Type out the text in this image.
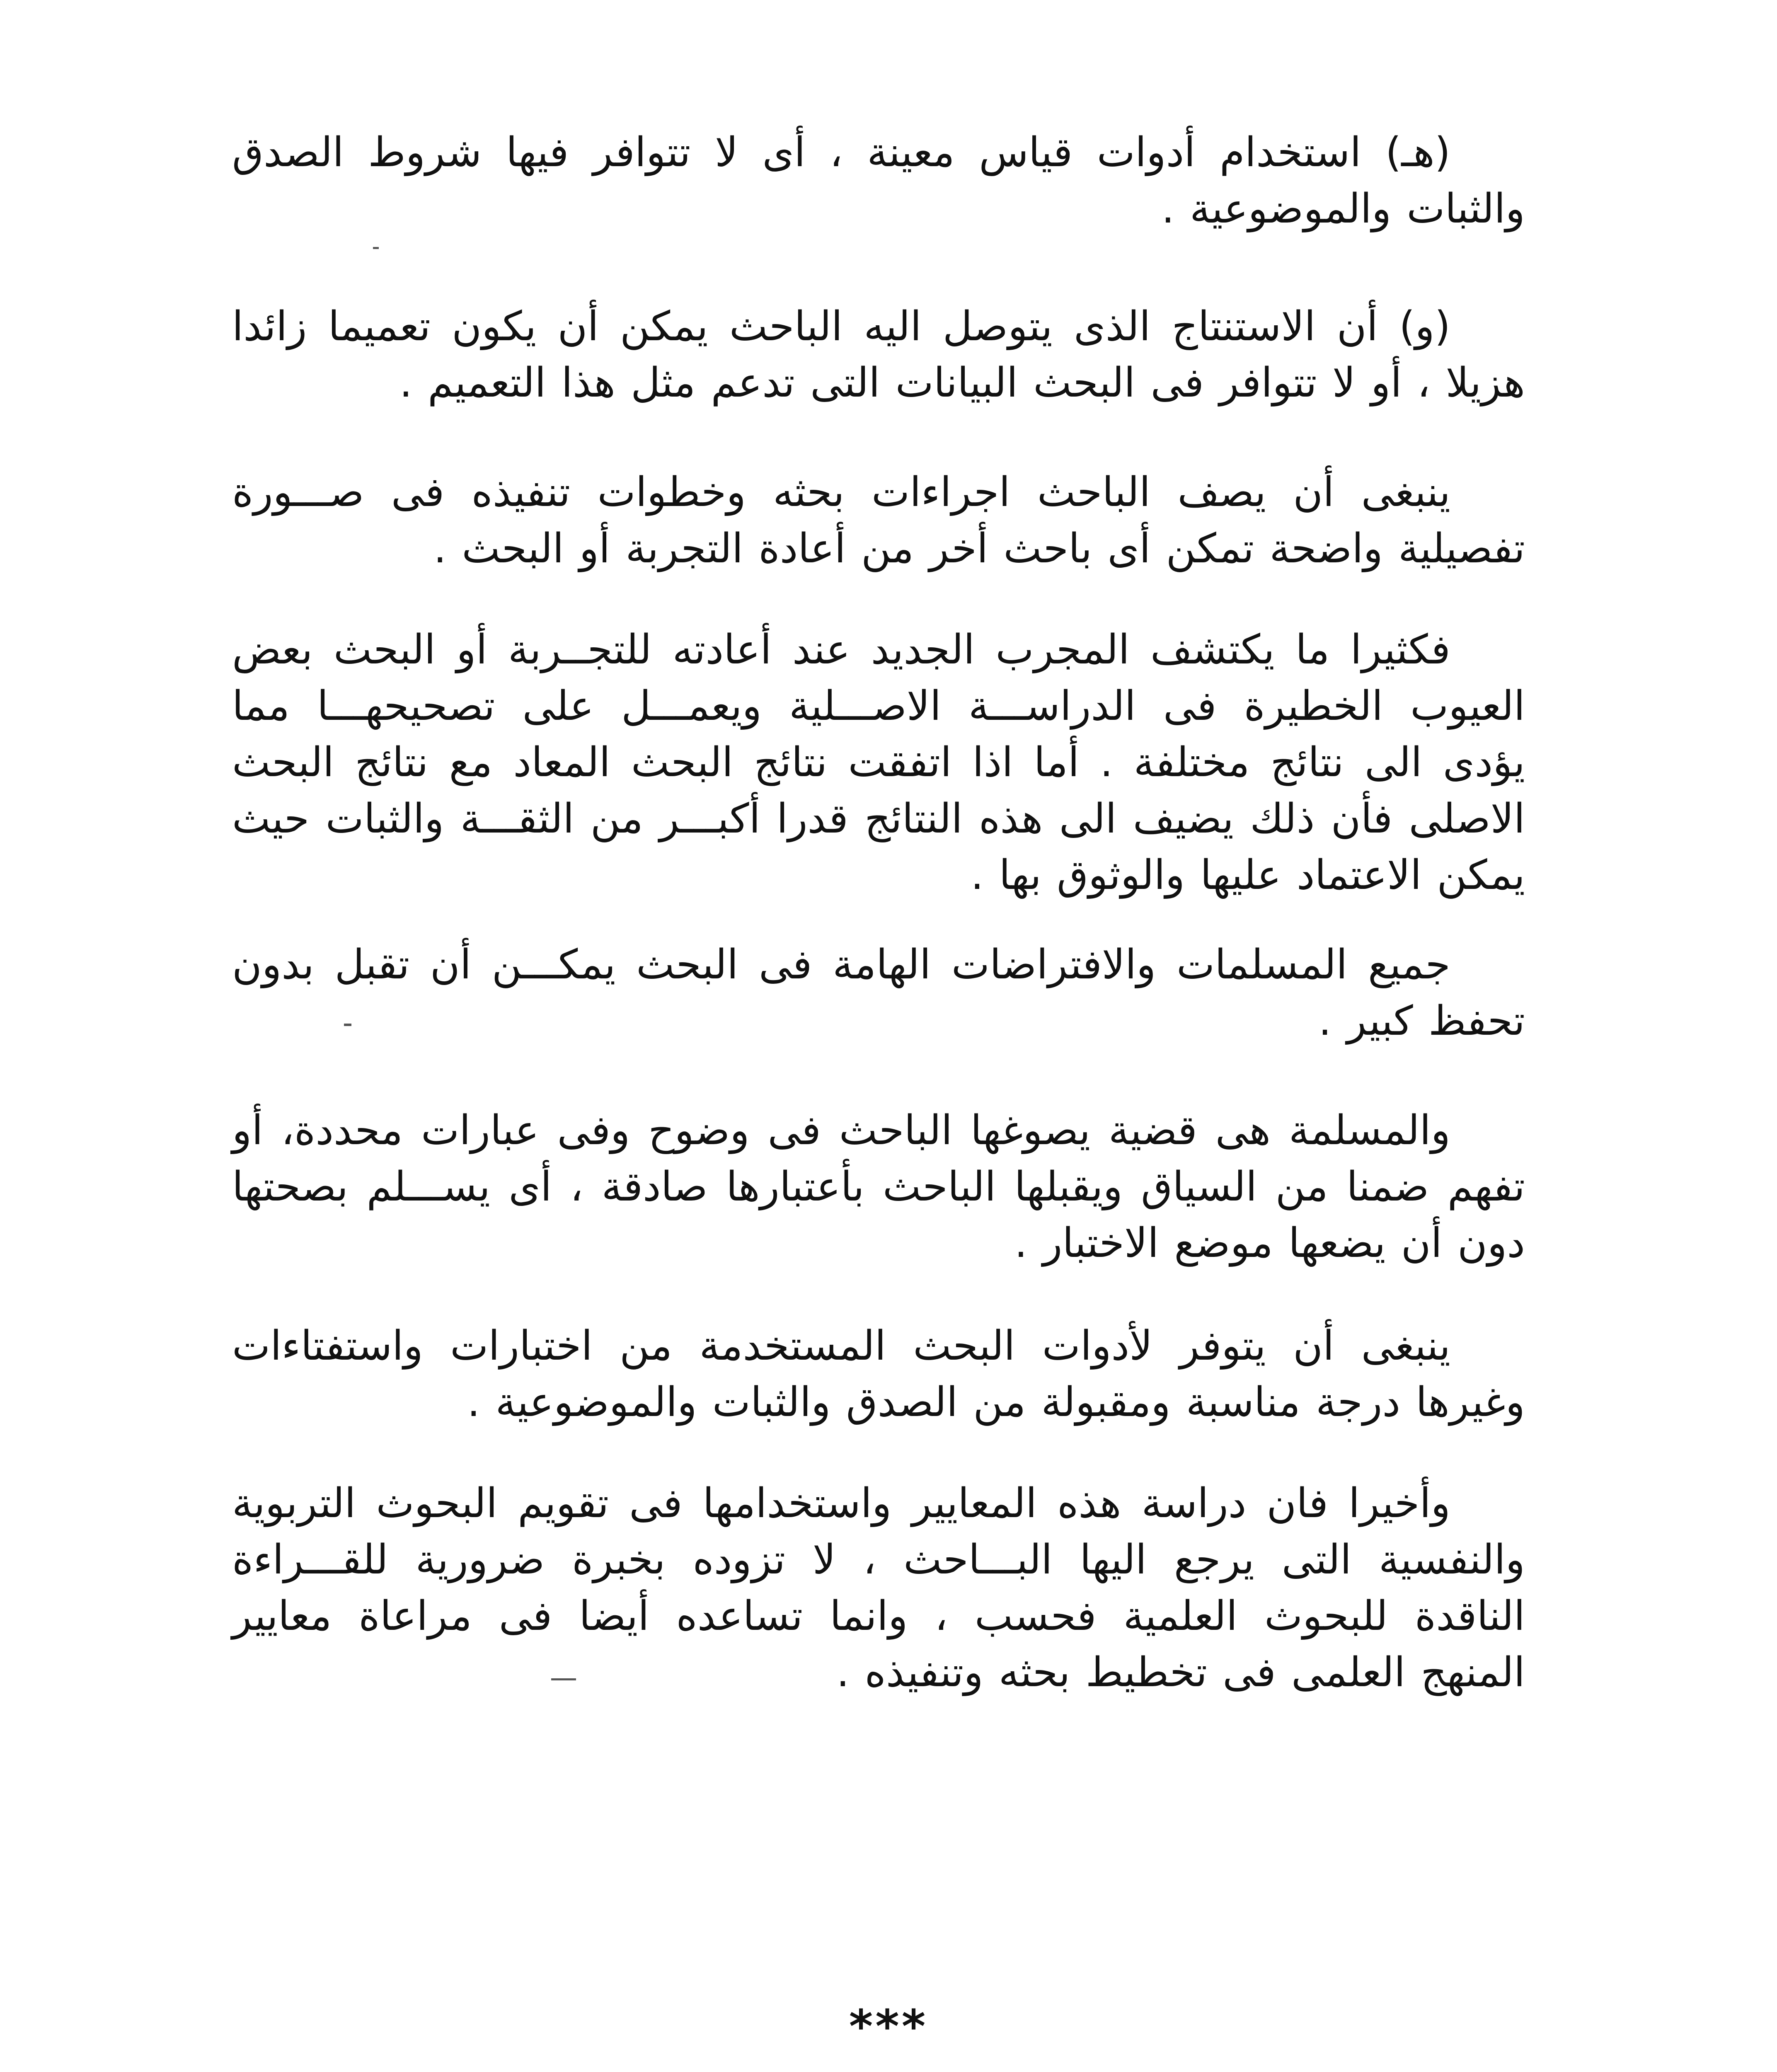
(هـ) استخدام أدوات قياس معينة ، أى لا تتوافر فيها شروط الصدق والثبات والموضوعية .
(و) أن الاستنتاج الذى يتوصل اليه الباحث يمكن أن يكون تعميما زائدا هزيلا ، أو لا تتوافر فى البحث البيانات التى تدعم مثل هذا التعميم .
ينبغى أن يصف الباحث اجراءات بحثه وخطوات تنفيذه فى صـــورة تفصيلية واضحة تمكن أى باحث أخر من أعادة التجربة أو البحث .
فكثيرا ما يكتشف المجرب الجديد عند أعادته للتجــربة أو البحث بعض العيوب الخطيرة فى الدراســـة الاصـــلية ويعمـــل على تصحيحهـــا مما يؤدى الى نتائج مختلفة . أما اذا اتفقت نتائج البحث المعاد مع نتائج البحث الاصلى فأن ذلك يضيف الى هذه النتائج قدرا أكبـــر من الثقـــة والثبات حيث يمكن الاعتماد عليها والوثوق بها .
جميع المسلمات والافتراضات الهامة فى البحث يمكـــن أن تقبل بدون تحفظ كبير .
والمسلمة هى قضية يصوغها الباحث فى وضوح وفى عبارات محددة، أو تفهم ضمنا من السياق ويقبلها الباحث بأعتبارها صادقة ، أى يســـلم بصحتها دون أن يضعها موضع الاختبار .
ينبغى أن يتوفر لأدوات البحث المستخدمة من اختبارات واستفتاءات وغيرها درجة مناسبة ومقبولة من الصدق والثبات والموضوعية .
وأخيرا فان دراسة هذه المعايير واستخدامها فى تقويم البحوث التربوية والنفسية التى يرجع اليها البـــاحث ، لا تزوده بخبرة ضرورية للقـــراءة الناقدة للبحوث العلمية فحسب ، وانما تساعده أيضا فى مراعاة معايير المنهج العلمى فى تخطيط بحثه وتنفيذه .
***
